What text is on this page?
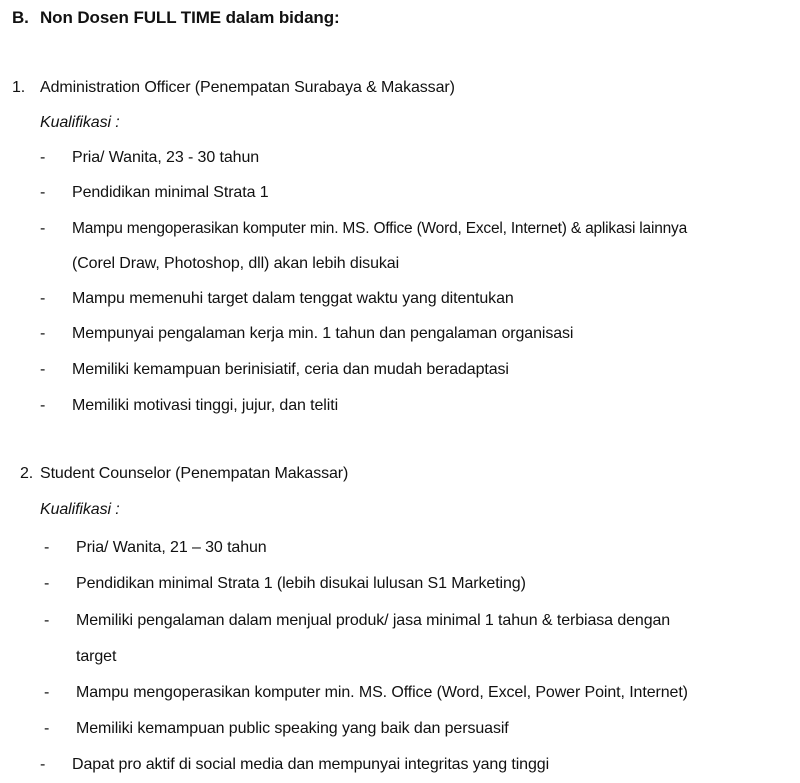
B. Non Dosen FULL TIME dalam bidang:
1. Administration Officer (Penempatan Surabaya & Makassar)
Kualifikasi :
- Pria/ Wanita, 23 - 30 tahun
- Pendidikan minimal Strata 1
- Mampu mengoperasikan komputer min. MS. Office (Word, Excel, Internet) & aplikasi lainnya
(Corel Draw, Photoshop, dll) akan lebih disukai
- Mampu memenuhi target dalam tenggat waktu yang ditentukan
- Mempunyai pengalaman kerja min. 1 tahun dan pengalaman organisasi
- Memiliki kemampuan berinisiatif, ceria dan mudah beradaptasi
- Memiliki motivasi tinggi, jujur, dan teliti
2. Student Counselor (Penempatan Makassar)
Kualifikasi :
- Pria/ Wanita, 21 – 30 tahun
- Pendidikan minimal Strata 1 (lebih disukai lulusan S1 Marketing)
- Memiliki pengalaman dalam menjual produk/ jasa minimal 1 tahun & terbiasa dengan
target
- Mampu mengoperasikan komputer min. MS. Office (Word, Excel, Power Point, Internet)
- Memiliki kemampuan public speaking yang baik dan persuasif
- Dapat pro aktif di social media dan mempunyai integritas yang tinggi
